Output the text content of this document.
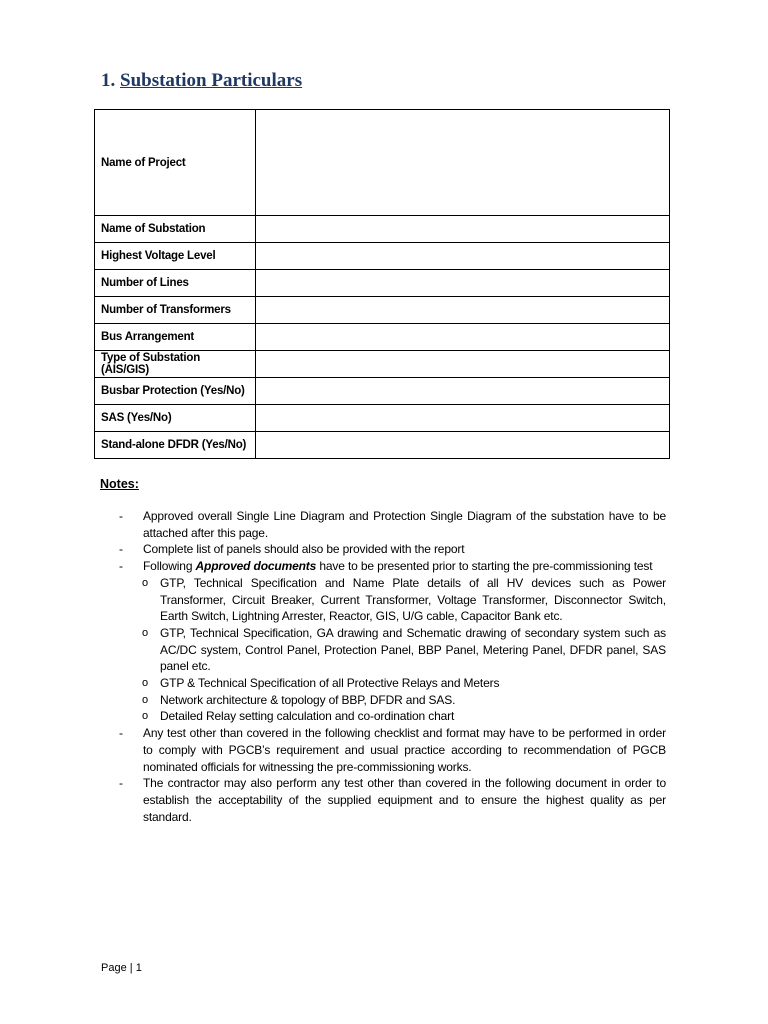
1. Substation Particulars
Name of Project	
Name of Substation	
Highest Voltage Level	
Number of Lines	
Number of Transformers	
Bus Arrangement	
Type of Substation (AIS/GIS)	
Busbar Protection (Yes/No)	
SAS (Yes/No)	
Stand-alone DFDR (Yes/No)	
Notes:
- Approved overall Single Line Diagram and Protection Single Diagram of the substation have to be attached after this page.
- Complete list of panels should also be provided with the report
- Following Approved documents have to be presented prior to starting the pre-commissioning test
o GTP, Technical Specification and Name Plate details of all HV devices such as Power Transformer, Circuit Breaker, Current Transformer, Voltage Transformer, Disconnector Switch, Earth Switch, Lightning Arrester, Reactor, GIS, U/G cable, Capacitor Bank etc.
o GTP, Technical Specification, GA drawing and Schematic drawing of secondary system such as AC/DC system, Control Panel, Protection Panel, BBP Panel, Metering Panel, DFDR panel, SAS panel etc.
o GTP & Technical Specification of all Protective Relays and Meters
o Network architecture & topology of BBP, DFDR and SAS.
o Detailed Relay setting calculation and co-ordination chart
- Any test other than covered in the following checklist and format may have to be performed in order to comply with PGCB’s requirement and usual practice according to recommendation of PGCB nominated officials for witnessing the pre-commissioning works.
- The contractor may also perform any test other than covered in the following document in order to establish the acceptability of the supplied equipment and to ensure the highest quality as per standard.
Page | 1
